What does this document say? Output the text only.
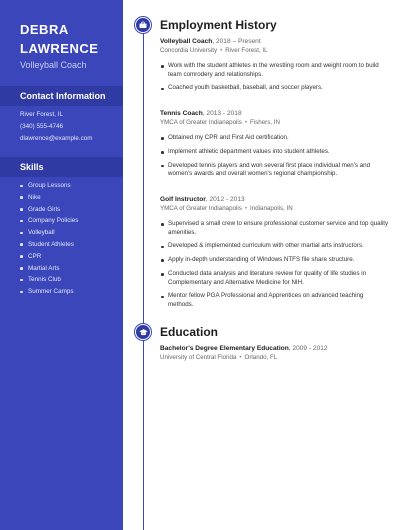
DEBRA
LAWRENCE
Volleyball Coach
Contact Information
River Forest, IL
(340) 555-4746
dlawrence@example.com
Skills
Group Lessons
Nike
Grade Girls
Company Policies
Volleyball
Student Athletes
CPR
Martial Arts
Tennis Club
Summer Camps
Employment History
Volleyball Coach, 2018 – Present
Concordia University • River Forest, IL
Work with the student athletes in the wrestling room and weight room to build team comrodery and relationships.
Coached youth basketball, baseball, and soccer players.
Tennis Coach, 2013 - 2018
YMCA of Greater Indianapolis • Fishers, IN
Obtained my CPR and First Aid certification.
Implement athletic department values into student athletes.
Developed tennis players and won several first place individual men's and women's awards and overall women's regional championship.
Golf Instructor, 2012 - 2013
YMCA of Greater Indianapolis • Indianapolis, IN
Supervised a small crew to ensure professional customer service and top quality amenities.
Developed & implemented curriculum with other martial arts instructors.
Apply in-depth understanding of Windows NTFS file share structure.
Conducted data analysis and literature review for quality of life studies in Complementary and Alternative Medicine for NIH.
Mentor fellow PGA Professional and Apprentices on advanced teaching methods.
Education
Bachelor's Degree Elementary Education, 2009 - 2012
University of Central Florida • Orlando, FL
